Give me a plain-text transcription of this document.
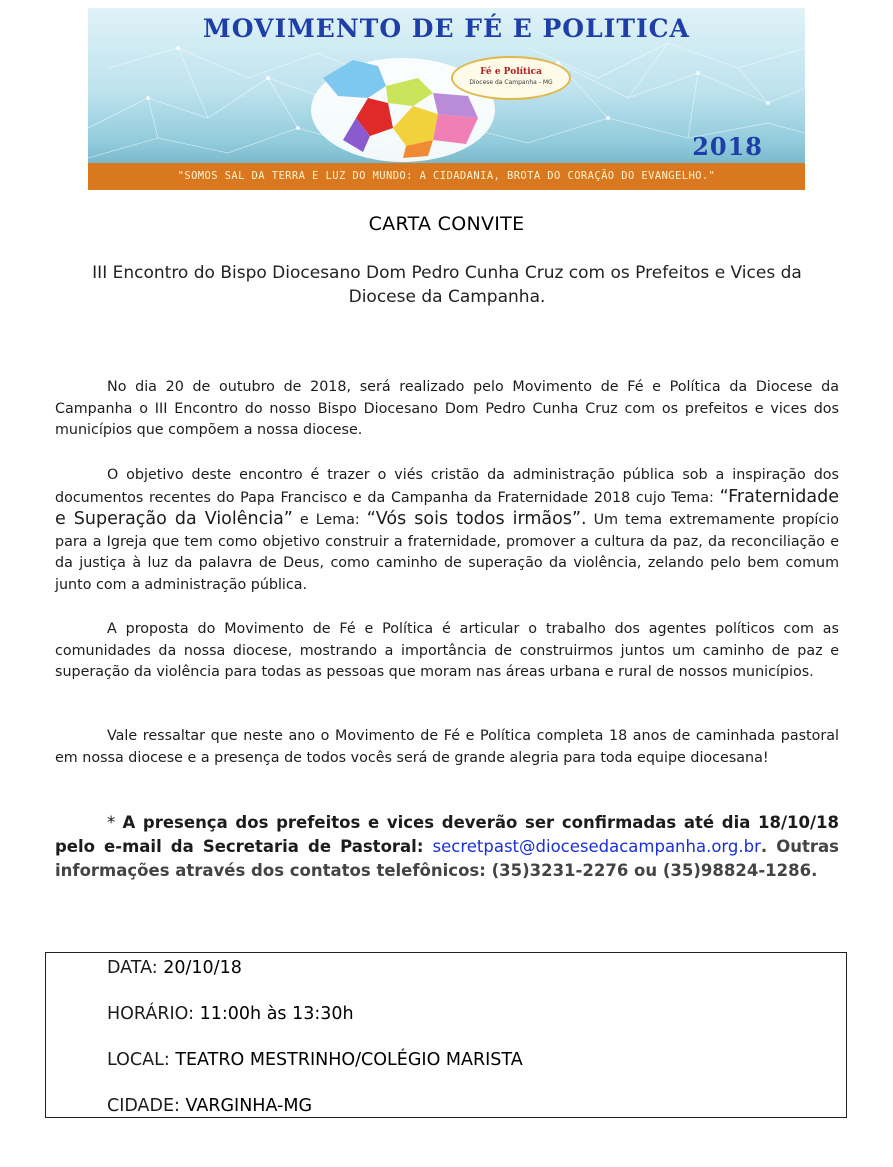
Fé e Política
Diocese da Campanha - MG
MOVIMENTO DE FÉ E POLITICA
2018
"SOMOS SAL DA TERRA E LUZ DO MUNDO: A CIDADANIA, BROTA DO CORAÇÃO DO EVANGELHO."
CARTA CONVITE
III Encontro do Bispo Diocesano Dom Pedro Cunha Cruz com os Prefeitos e Vices da Diocese da Campanha.

No dia 20 de outubro de 2018, será realizado pelo Movimento de Fé e Política da Diocese da Campanha o III Encontro do nosso Bispo Diocesano Dom Pedro Cunha Cruz com os prefeitos e vices dos municípios que compõem a nossa diocese.

O objetivo deste encontro é trazer o viés cristão da administração pública sob a inspiração dos documentos recentes do Papa Francisco e da Campanha da Fraternidade 2018 cujo Tema: “Fraternidade e Superação da Violência” e Lema: “Vós sois todos irmãos”. Um tema extremamente propício para a Igreja que tem como objetivo construir a fraternidade, promover a cultura da paz, da reconciliação e da justiça à luz da palavra de Deus, como caminho de superação da violência, zelando pelo bem comum junto com a administração pública.

A proposta do Movimento de Fé e Política é articular o trabalho dos agentes políticos com as comunidades da nossa diocese, mostrando a importância de construirmos juntos um caminho de paz e superação da violência para todas as pessoas que moram nas áreas urbana e rural de nossos municípios.

Vale ressaltar que neste ano o Movimento de Fé e Política completa 18 anos de caminhada pastoral em nossa diocese e a presença de todos vocês será de grande alegria para toda equipe diocesana!

* A presença dos prefeitos e vices deverão ser confirmadas até dia 18/10/18 pelo e-mail da Secretaria de Pastoral: secretpast@diocesedacampanha.org.br. Outras informações através dos contatos telefônicos: (35)3231-2276 ou (35)98824-1286.

DATA: 20/10/18
HORÁRIO: 11:00h às 13:30h
LOCAL: TEATRO MESTRINHO/COLÉGIO MARISTA
CIDADE: VARGINHA-MG
